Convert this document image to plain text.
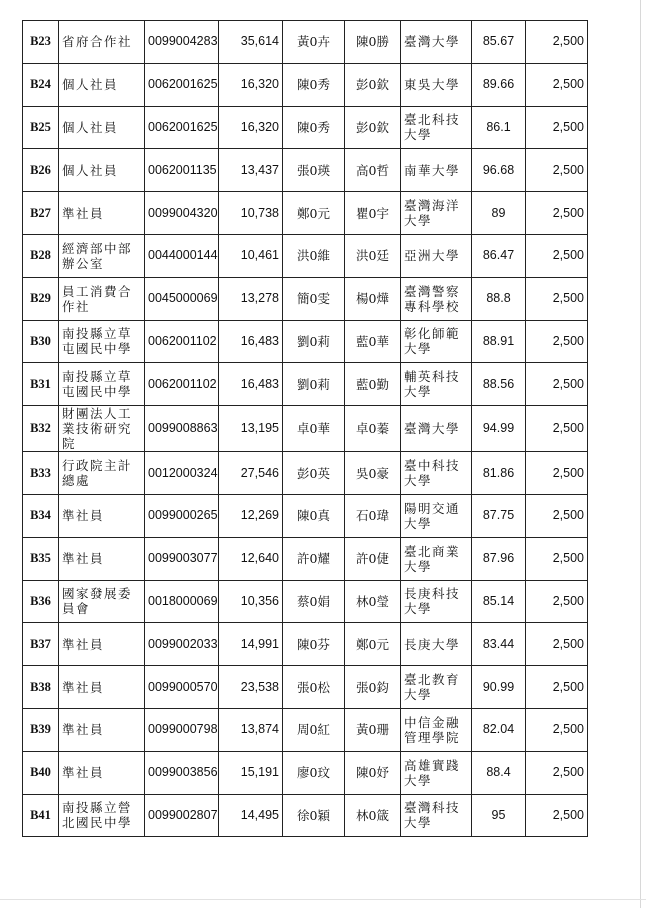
B23	省府合作社	0099004283	35,614	黃0卉	陳0勝	臺灣大學	85.67	2,500
B24	個人社員	0062001625	16,320	陳0秀	彭0欽	東吳大學	89.66	2,500
B25	個人社員	0062001625	16,320	陳0秀	彭0欽	臺北科技大學	86.1	2,500
B26	個人社員	0062001135	13,437	張0瑛	高0哲	南華大學	96.68	2,500
B27	準社員	0099004320	10,738	鄭0元	瞿0宇	臺灣海洋大學	89	2,500
B28	經濟部中部辦公室	0044000144	10,461	洪0維	洪0廷	亞洲大學	86.47	2,500
B29	員工消費合作社	0045000069	13,278	簡0雯	楊0燁	臺灣警察專科學校	88.8	2,500
B30	南投縣立草屯國民中學	0062001102	16,483	劉0莉	藍0華	彰化師範大學	88.91	2,500
B31	南投縣立草屯國民中學	0062001102	16,483	劉0莉	藍0勤	輔英科技大學	88.56	2,500
B32	財團法人工業技術研究院	0099008863	13,195	卓0華	卓0蓁	臺灣大學	94.99	2,500
B33	行政院主計總處	0012000324	27,546	彭0英	吳0豪	臺中科技大學	81.86	2,500
B34	準社員	0099000265	12,269	陳0真	石0瑋	陽明交通大學	87.75	2,500
B35	準社員	0099003077	12,640	許0耀	許0倢	臺北商業大學	87.96	2,500
B36	國家發展委員會	0018000069	10,356	蔡0娟	林0瑩	長庚科技大學	85.14	2,500
B37	準社員	0099002033	14,991	陳0芬	鄭0元	長庚大學	83.44	2,500
B38	準社員	0099000570	23,538	張0松	張0鈞	臺北教育大學	90.99	2,500
B39	準社員	0099000798	13,874	周0紅	黃0珊	中信金融管理學院	82.04	2,500
B40	準社員	0099003856	15,191	廖0玟	陳0妤	高雄實踐大學	88.4	2,500
B41	南投縣立營北國民中學	0099002807	14,495	徐0穎	林0箴	臺灣科技大學	95	2,500
